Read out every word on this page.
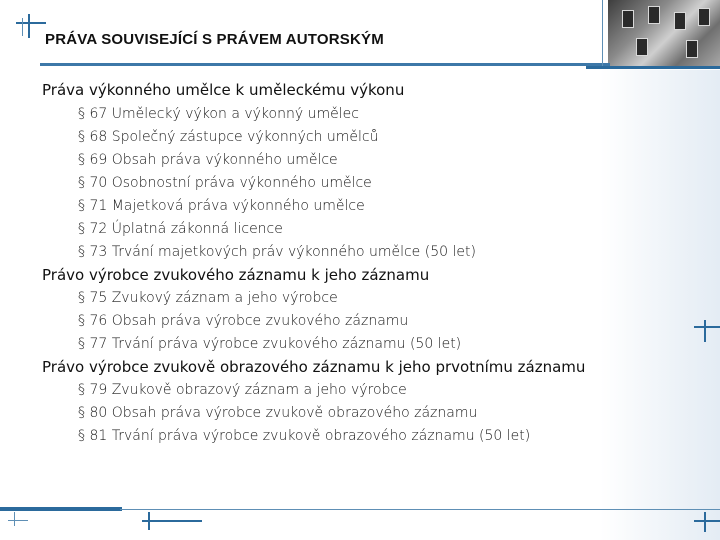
PRÁVA SOUVISEJÍCÍ S PRÁVEM AUTORSKÝM
Práva výkonného umělce k uměleckému výkonu
§ 67 Umělecký výkon a výkonný umělec
§ 68 Společný zástupce výkonných umělců
§ 69 Obsah práva výkonného umělce
§ 70 Osobnostní práva výkonného umělce
§ 71 Majetková práva výkonného umělce
§ 72 Úplatná zákonná licence
§ 73 Trvání majetkových práv výkonného umělce (50 let)
Právo výrobce zvukového záznamu k jeho záznamu
§ 75 Zvukový záznam a jeho výrobce
§ 76 Obsah práva výrobce zvukového záznamu
§ 77 Trvání práva výrobce zvukového záznamu (50 let)
Právo výrobce zvukově obrazového záznamu k jeho prvotnímu záznamu
§ 79 Zvukově obrazový záznam a jeho výrobce
§ 80 Obsah práva výrobce zvukově obrazového záznamu
§ 81 Trvání práva výrobce zvukově obrazového záznamu (50 let)
